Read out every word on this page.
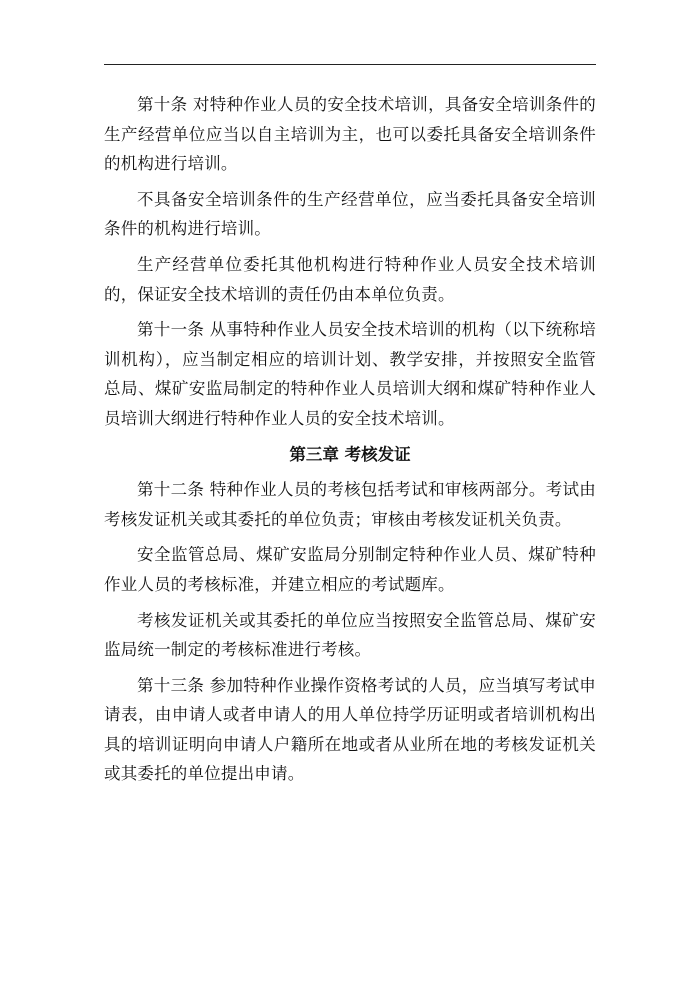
第十条 对特种作业人员的安全技术培训，具备安全培训条件的生产经营单位应当以自主培训为主，也可以委托具备安全培训条件的机构进行培训。

不具备安全培训条件的生产经营单位，应当委托具备安全培训条件的机构进行培训。

生产经营单位委托其他机构进行特种作业人员安全技术培训的，保证安全技术培训的责任仍由本单位负责。

第十一条 从事特种作业人员安全技术培训的机构（以下统称培训机构），应当制定相应的培训计划、教学安排，并按照安全监管总局、煤矿安监局制定的特种作业人员培训大纲和煤矿特种作业人员培训大纲进行特种作业人员的安全技术培训。

第三章 考核发证

第十二条 特种作业人员的考核包括考试和审核两部分。考试由考核发证机关或其委托的单位负责；审核由考核发证机关负责。

安全监管总局、煤矿安监局分别制定特种作业人员、煤矿特种作业人员的考核标准，并建立相应的考试题库。

考核发证机关或其委托的单位应当按照安全监管总局、煤矿安监局统一制定的考核标准进行考核。

第十三条 参加特种作业操作资格考试的人员，应当填写考试申请表，由申请人或者申请人的用人单位持学历证明或者培训机构出具的培训证明向申请人户籍所在地或者从业所在地的考核发证机关或其委托的单位提出申请。
